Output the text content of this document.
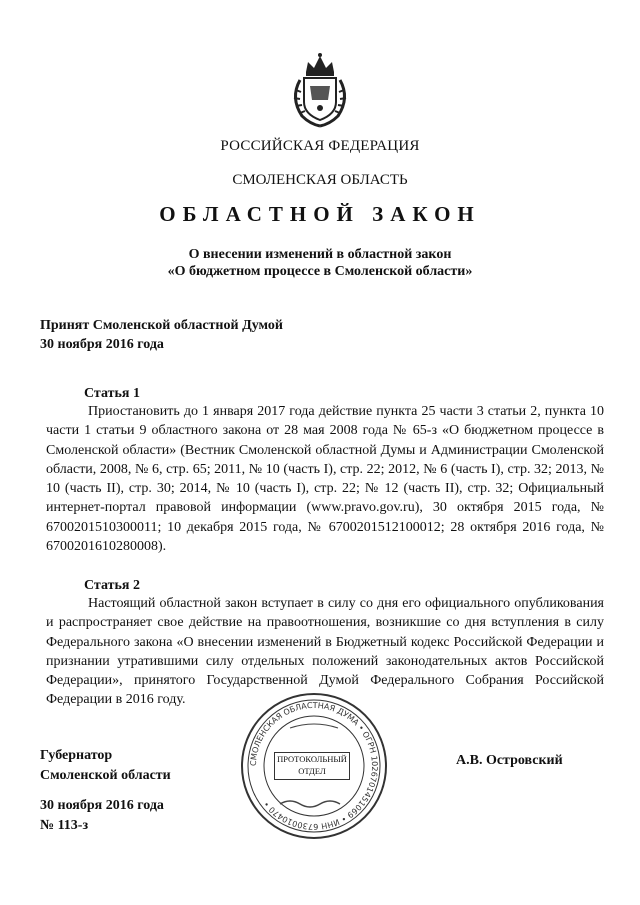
РОССИЙСКАЯ ФЕДЕРАЦИЯ
СМОЛЕНСКАЯ ОБЛАСТЬ
ОБЛАСТНОЙ ЗАКОН
О внесении изменений в областной закон
«О бюджетном процессе в Смоленской области»
Принят Смоленской областной Думой
30 ноября 2016 года
Статья 1
Приостановить до 1 января 2017 года действие пункта 25 части 3 статьи 2, пункта 10 части 1 статьи 9 областного закона от 28 мая 2008 года № 65-з «О бюджетном процессе в Смоленской области» (Вестник Смоленской областной Думы и Администрации Смоленской области, 2008, № 6, стр. 65; 2011, № 10 (часть I), стр. 22; 2012, № 6 (часть I), стр. 32; 2013, № 10 (часть II), стр. 30; 2014, № 10 (часть I), стр. 22; № 12 (часть II), стр. 32; Официальный интернет-портал правовой информации (www.pravo.gov.ru), 30 октября 2015 года, № 6700201510300011; 10 декабря 2015 года, № 6700201512100012; 28 октября 2016 года, № 6700201610280008).
Статья 2
Настоящий областной закон вступает в силу со дня его официального опубликования и распространяет свое действие на правоотношения, возникшие со дня вступления в силу Федерального закона «О внесении изменений в Бюджетный кодекс Российской Федерации и признании утратившими силу отдельных положений законодательных актов Российской Федерации», принятого Государственной Думой Федерального Собрания Российской Федерации в 2016 году.
Губернатор
Смоленской области
СМОЛЕНСКАЯ ОБЛАСТНАЯ ДУМА • ОГРН 1026701451069 • ИНН 6730010470 •
ПРОТОКОЛЬНЫЙ
ОТДЕЛ
А.В. Островский
30 ноября 2016 года
№ 113-з
